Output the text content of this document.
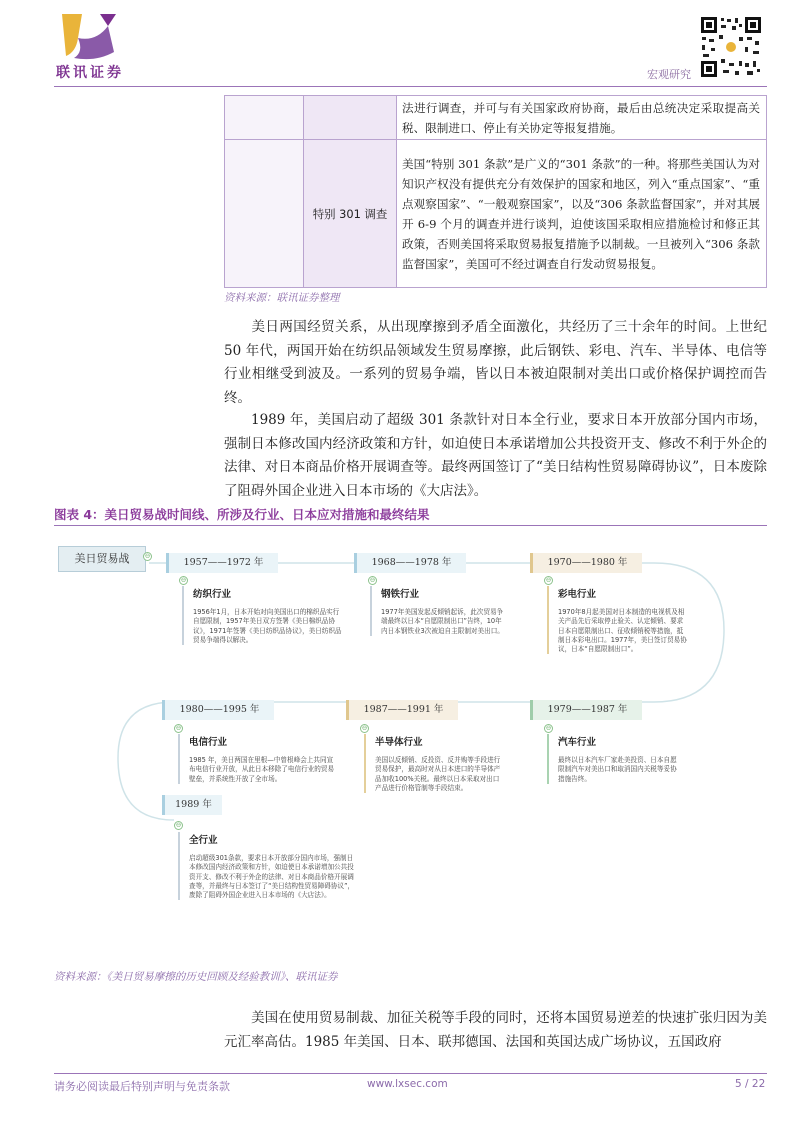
联讯证券	宏观研究
		法进行调查，并可与有关国家政府协商，最后由总统决定采取提高关税、限制进口、停止有关协定等报复措施。
	特别 301 调查	美国“特别 301 条款”是广义的“301 条款”的一种。将那些美国认为对知识产权没有提供充分有效保护的国家和地区，列入“重点国家”、“重点观察国家”、“一般观察国家”，以及“306 条款监督国家”，并对其展开 6-9 个月的调查并进行谈判，迫使该国采取相应措施检讨和修正其政策，否则美国将采取贸易报复措施予以制裁。一旦被列入“306 条款监督国家”，美国可不经过调查自行发动贸易报复。
资料来源：联讯证券整理
美日两国经贸关系，从出现摩擦到矛盾全面激化，共经历了三十余年的时间。上世纪 50 年代，两国开始在纺织品领域发生贸易摩擦，此后钢铁、彩电、汽车、半导体、电信等行业相继受到波及。一系列的贸易争端，皆以日本被迫限制对美出口或价格保护调控而告终。
1989 年，美国启动了超级 301 条款针对日本全行业，要求日本开放部分国内市场，强制日本修改国内经济政策和方针，如迫使日本承诺增加公共投资开支、修改不利于外企的法律、对日本商品价格开展调查等。最终两国签订了“美日结构性贸易障碍协议”，日本废除了阻碍外国企业进入日本市场的《大店法》。
图表 4：美日贸易战时间线、所涉及行业、日本应对措施和最终结果
美日贸易战	⊖
1957——1972 年
⊖
纺织行业
1956年1月，日本开始对向美国出口的棉织品实行自愿限制，1957年美日双方签署《美日棉织品协议》，1971年签署《美日纺织品协议》，美日纺织品贸易争端得以解决。
1968——1978 年
⊖
钢铁行业
1977年美国发起反倾销起诉，此次贸易争端最终以日本“自愿限制出口”告终，10年内日本钢铁业3次被迫自主限制对美出口。
1970——1980 年
⊖
彩电行业
1970年8月起美国对日本制造的电视机及相关产品先后采取停止验关、认定倾销、要求日本自愿限制出口、征收倾销税等措施，抵制日本彩电出口。1977年，美日签订贸易协议，日本“自愿限制出口”。
1980——1995 年
⊖
电信行业
1985 年，美日两国在里根—中曾根峰会上共同宣布电信行业开放，从此日本移除了电信行业的贸易壁垒，并系统性开放了全市场。
1987——1991 年
⊖
半导体行业
美国以反倾销、反投资、反并购等手段进行贸易保护，最高时对从日本进口的半导体产品加收100%关税。最终以日本采取对出口产品进行价格管制等手段结束。
1979——1987 年
⊖
汽车行业
最终以日本汽车厂家赴美投资、日本自愿限制汽车对美出口和取消国内关税等妥协措施告终。
1989 年
⊖
全行业
启动超级301条款，要求日本开放部分国内市场，强制日本修改国内经济政策和方针，如迫使日本承诺增加公共投资开支、修改不利于外企的法律、对日本商品价格开展调查等，并最终与日本签订了“美日结构性贸易障碍协议”，废除了阻碍外国企业进入日本市场的《大店法》。
资料来源：《美日贸易摩擦的历史回顾及经验教训》、联讯证券
美国在使用贸易制裁、加征关税等手段的同时，还将本国贸易逆差的快速扩张归因为美元汇率高估。1985 年美国、日本、联邦德国、法国和英国达成广场协议，五国政府
请务必阅读最后特别声明与免责条款	www.lxsec.com	5 / 22
